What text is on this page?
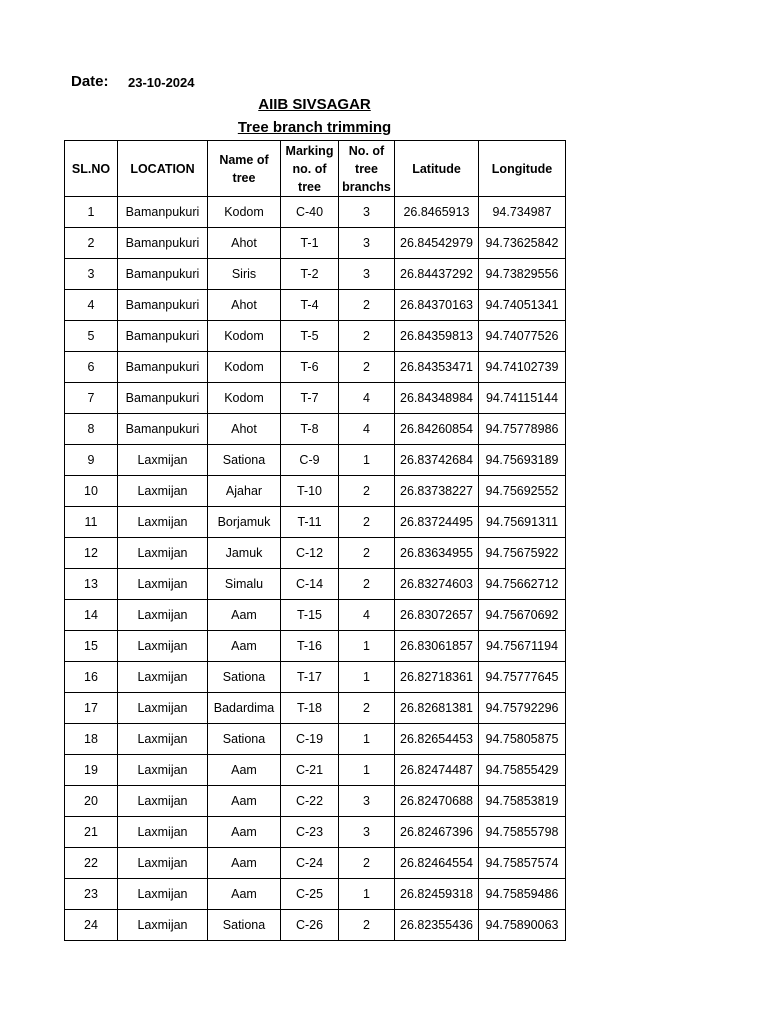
Date: 23-10-2024
AIIB SIVSAGAR
Tree branch trimming
SL.NO	LOCATION	Name of tree	Marking no. of tree	No. of tree branchs	Latitude	Longitude
1	Bamanpukuri	Kodom	C-40	3	26.8465913	94.734987
2	Bamanpukuri	Ahot	T-1	3	26.84542979	94.73625842
3	Bamanpukuri	Siris	T-2	3	26.84437292	94.73829556
4	Bamanpukuri	Ahot	T-4	2	26.84370163	94.74051341
5	Bamanpukuri	Kodom	T-5	2	26.84359813	94.74077526
6	Bamanpukuri	Kodom	T-6	2	26.84353471	94.74102739
7	Bamanpukuri	Kodom	T-7	4	26.84348984	94.74115144
8	Bamanpukuri	Ahot	T-8	4	26.84260854	94.75778986
9	Laxmijan	Sationa	C-9	1	26.83742684	94.75693189
10	Laxmijan	Ajahar	T-10	2	26.83738227	94.75692552
11	Laxmijan	Borjamuk	T-11	2	26.83724495	94.75691311
12	Laxmijan	Jamuk	C-12	2	26.83634955	94.75675922
13	Laxmijan	Simalu	C-14	2	26.83274603	94.75662712
14	Laxmijan	Aam	T-15	4	26.83072657	94.75670692
15	Laxmijan	Aam	T-16	1	26.83061857	94.75671194
16	Laxmijan	Sationa	T-17	1	26.82718361	94.75777645
17	Laxmijan	Badardima	T-18	2	26.82681381	94.75792296
18	Laxmijan	Sationa	C-19	1	26.82654453	94.75805875
19	Laxmijan	Aam	C-21	1	26.82474487	94.75855429
20	Laxmijan	Aam	C-22	3	26.82470688	94.75853819
21	Laxmijan	Aam	C-23	3	26.82467396	94.75855798
22	Laxmijan	Aam	C-24	2	26.82464554	94.75857574
23	Laxmijan	Aam	C-25	1	26.82459318	94.75859486
24	Laxmijan	Sationa	C-26	2	26.82355436	94.75890063
